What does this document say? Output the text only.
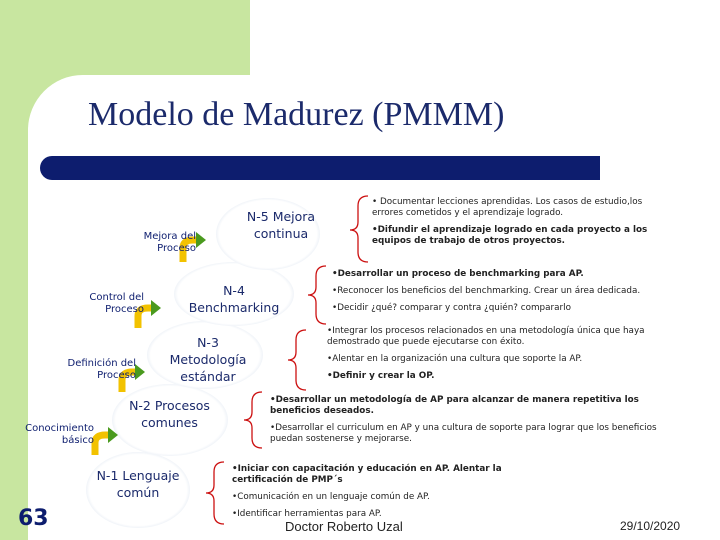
Modelo de Madurez (PMMM)
Mejora del Proceso
Control del Proceso
Definición del Proceso
Conocimiento básico
N-5 Mejora continua
N-4 Benchmarking
N-3 Metodología estándar
N-2 Procesos comunes
N-1 Lenguaje común
• Documentar lecciones aprendidas. Los casos de estudio,los errores cometidos y el aprendizaje logrado.
•Difundir el aprendizaje logrado en cada proyecto a los equipos de trabajo de otros proyectos.
•Desarrollar un proceso de benchmarking para AP.
•Reconocer los beneficios del benchmarking. Crear un área dedicada.
•Decidir ¿qué? comparar y contra ¿quién? compararlo
•Integrar los procesos relacionados en una metodología única que haya demostrado que puede ejecutarse con éxito.
•Alentar en la organización una cultura que soporte la AP.
•Definir y crear la OP.
•Desarrollar un metodología de AP para alcanzar de manera repetitiva los beneficios deseados.
•Desarrollar el curriculum en AP y una cultura de soporte para lograr que los beneficios puedan sostenerse y mejorarse.
•Iniciar con capacitación y educación en AP. Alentar la certificación de PMP´s
•Comunicación en un lenguaje común de AP.
•Identificar herramientas para AP.
63	Doctor Roberto Uzal	29/10/2020
